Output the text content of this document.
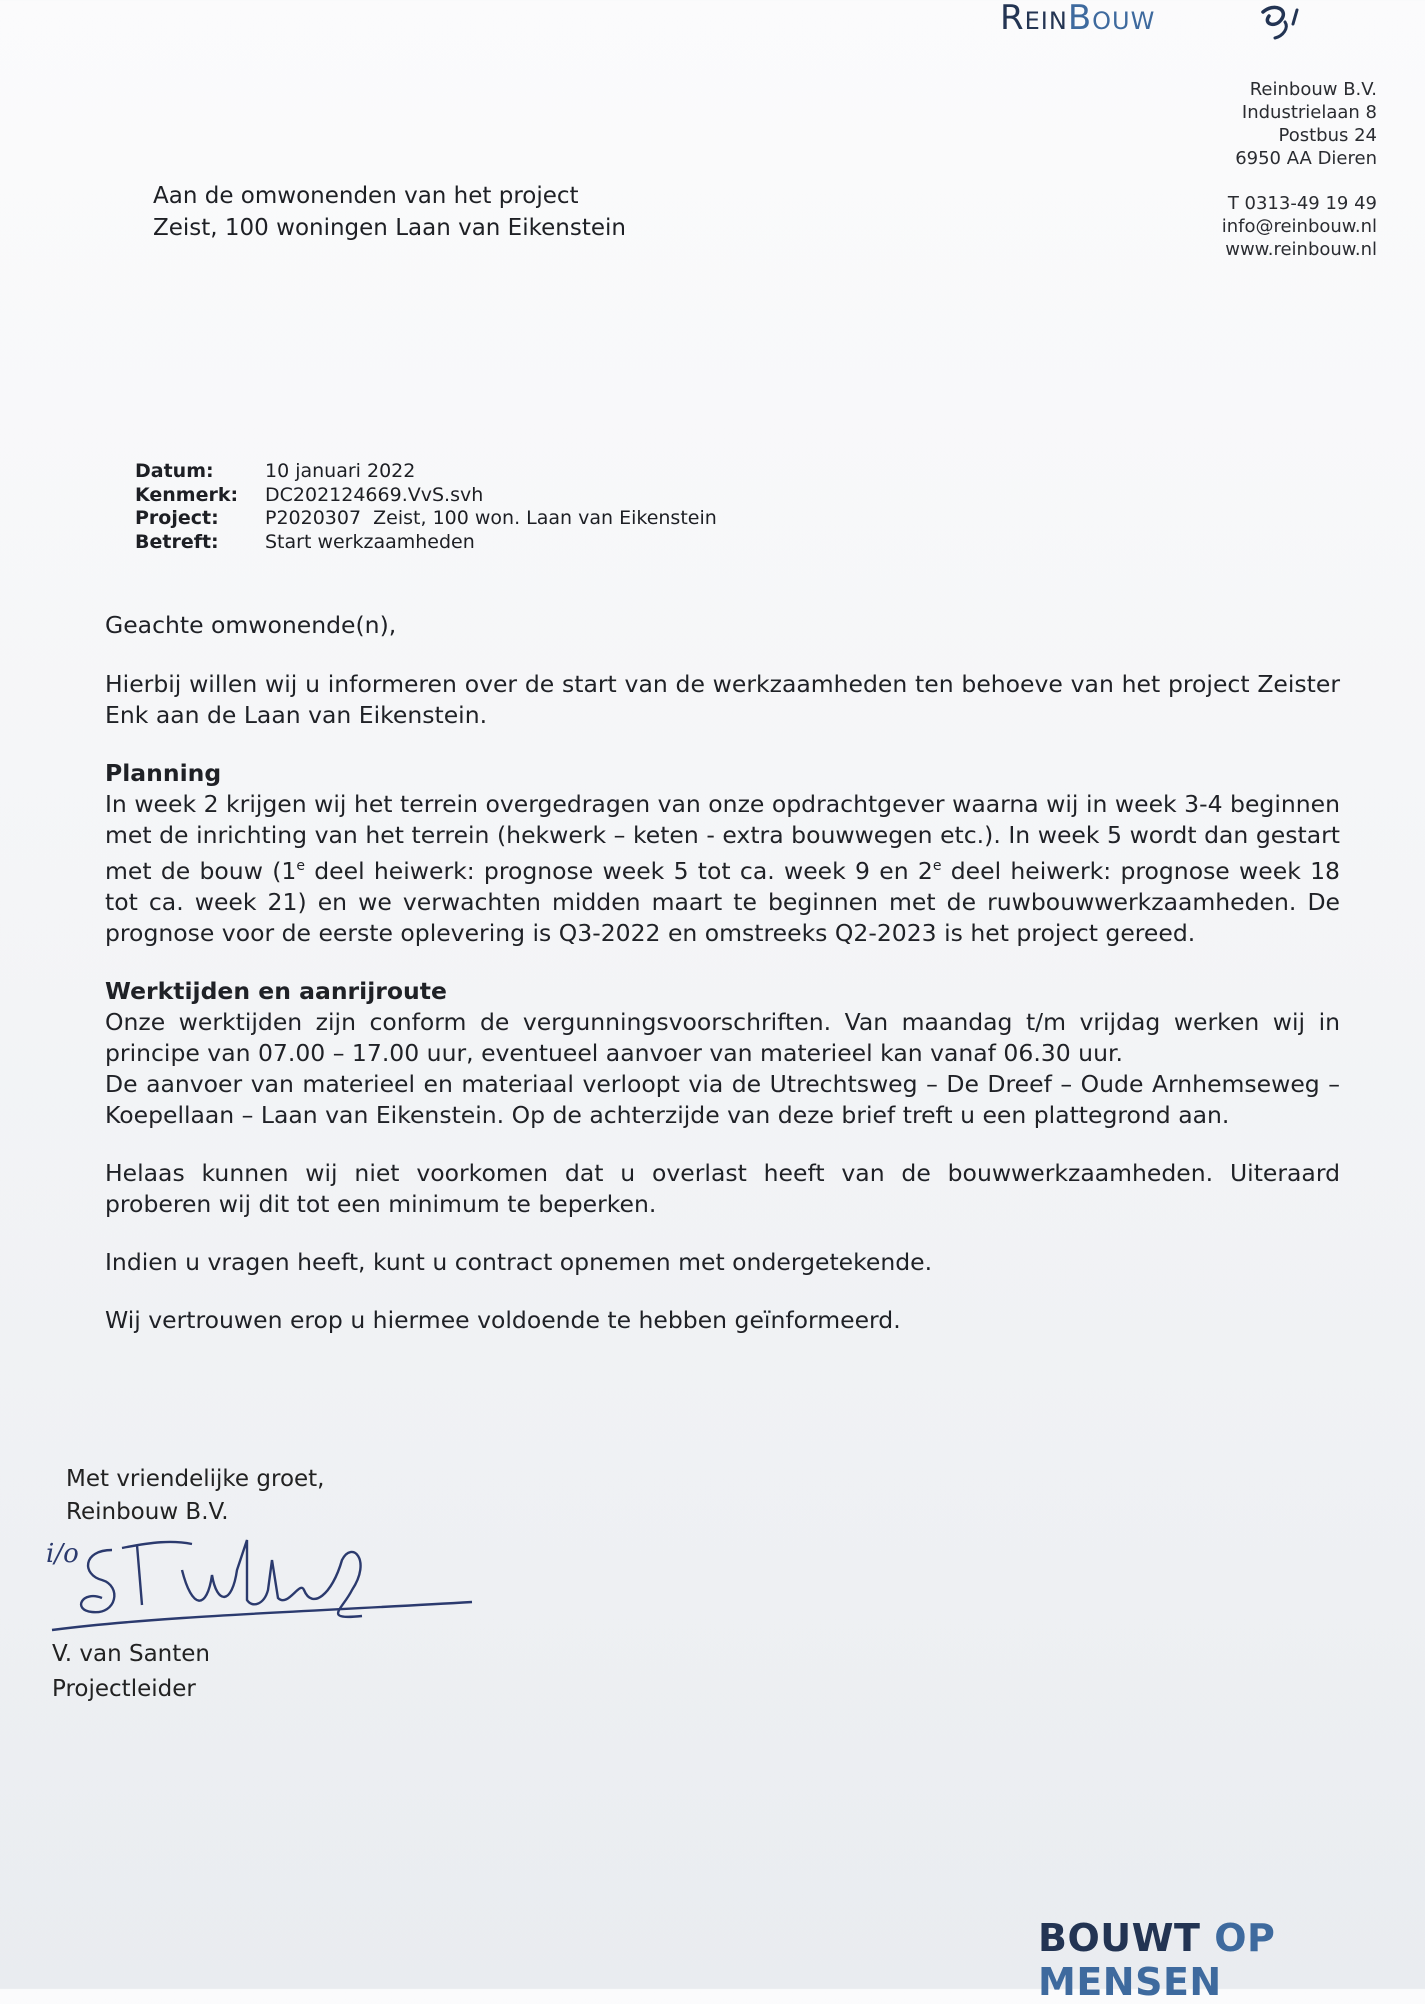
ReinBouw
Reinbouw B.V.
Industrielaan 8
Postbus 24
6950 AA Dieren
T 0313-49 19 49
info@reinbouw.nl
www.reinbouw.nl
Aan de omwonenden van het project
Zeist, 100 woningen Laan van Eikenstein
Datum:	10 januari 2022
Kenmerk:	DC202124669.VvS.svh
Project:	P2020307  Zeist, 100 won. Laan van Eikenstein
Betreft:	Start werkzaamheden

Geachte omwonende(n),

Hierbij willen wij u informeren over de start van de werkzaamheden ten behoeve van het project Zeister Enk aan de Laan van Eikenstein.

Planning

In week 2 krijgen wij het terrein overgedragen van onze opdrachtgever waarna wij in week 3-4 beginnen met de inrichting van het terrein (hekwerk – keten - extra bouwwegen etc.). In week 5 wordt dan gestart met de bouw (1e deel heiwerk: prognose week 5 tot ca. week 9 en 2e deel heiwerk: prognose week 18 tot ca. week 21) en we verwachten midden maart te beginnen met de ruwbouwwerkzaamheden. De prognose voor de eerste oplevering is Q3-2022 en omstreeks Q2-2023 is het project gereed.

Werktijden en aanrijroute

Onze werktijden zijn conform de vergunningsvoorschriften. Van maandag t/m vrijdag werken wij in principe van 07.00 – 17.00 uur, eventueel aanvoer van materieel kan vanaf 06.30 uur.

De aanvoer van materieel en materiaal verloopt via de Utrechtsweg – De Dreef – Oude Arnhemseweg – Koepellaan – Laan van Eikenstein. Op de achterzijde van deze brief treft u een plattegrond aan.

Helaas kunnen wij niet voorkomen dat u overlast heeft van de bouwwerkzaamheden. Uiteraard proberen wij dit tot een minimum te beperken.

Indien u vragen heeft, kunt u contract opnemen met ondergetekende.

Wij vertrouwen erop u hiermee voldoende te hebben geïnformeerd.

Met vriendelijke groet,
Reinbouw B.V.
i/o
V. van Santen
Projectleider
BOUWT OP MENSEN
